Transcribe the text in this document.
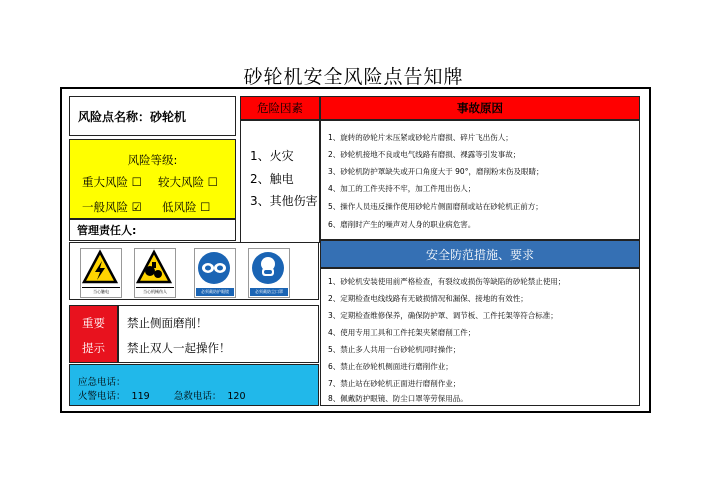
砂轮机安全风险点告知牌
风险点名称：砂轮机
风险等级:
重大风险 ☐ 较大风险 ☐
一般风险 ☑ 低风险 ☐
管理责任人:
当心触电	当心机械伤人	必须戴防护眼镜	必须戴防尘口罩
重要
提示
禁止侧面磨削！
禁止双人一起操作！
应急电话：
火警电话：  119        急救电话：  120
危险因素
1、火灾
2、触电
3、其他伤害
事故原因
1、旋转的砂轮片未压紧或砂轮片磨损、碎片飞出伤人；
2、砂轮机接地不良或电气线路有磨损、裸露等引发事故；
3、砂轮机防护罩缺失或开口角度大于 90°，磨削粉末伤及眼睛；
4、加工的工件夹持不牢，加工件甩出伤人；
5、操作人员违反操作使用砂轮片侧面磨削或站在砂轮机正前方；
6、磨削时产生的噪声对人身的职业病危害。
安全防范措施、要求
1、砂轮机安装使用前严格检查，有裂纹或损伤等缺陷的砂轮禁止使用；
2、定期检查电线线路有无破损情况和漏保、接地的有效性；
3、定期检查维修保养，确保防护罩、调节板、工件托架等符合标准；
4、使用专用工具和工件托架夹紧磨削工件；
5、禁止多人共用一台砂轮机同时操作；
6、禁止在砂轮机侧面进行磨削作业；
7、禁止站在砂轮机正面进行磨削作业；
8、佩戴防护眼镜、防尘口罩等劳保用品。
